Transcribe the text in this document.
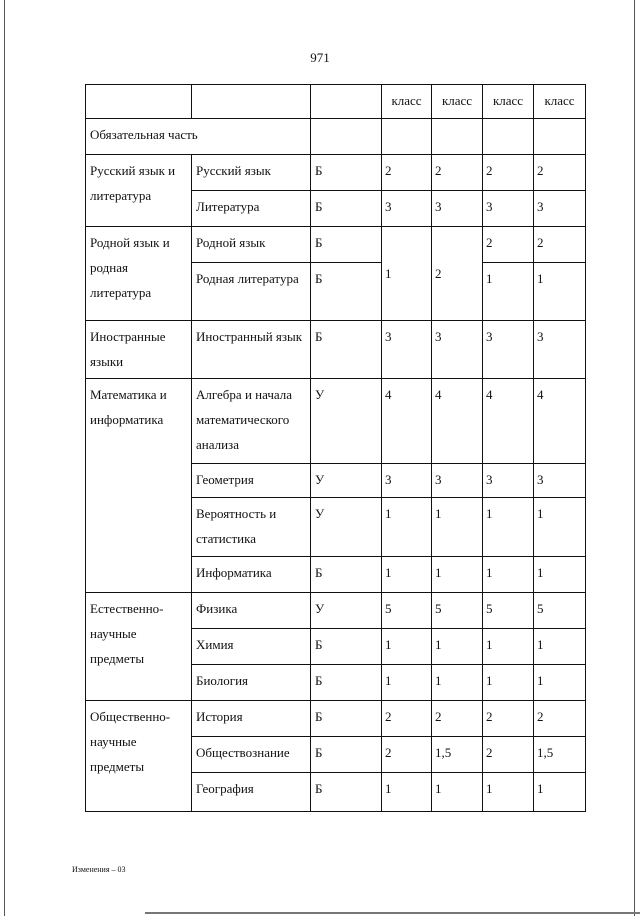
971
			класс	класс	класс	класс
Обязательная часть						
Русский язык и литература	Русский язык	Б	2	2	2	2
	Литература	Б	3	3	3	3
Родной язык и родная литература	Родной язык	Б	1	2	2	2
	Родная литература	Б			1	1
Иностранные языки	Иностранный язык	Б	3	3	3	3
Математика и информатика	Алгебра и начала математического анализа	У	4	4	4	4
	Геометрия	У	3	3	3	3
	Вероятность и статистика	У	1	1	1	1
	Информатика	Б	1	1	1	1
Естественно-научные предметы	Физика	У	5	5	5	5
	Химия	Б	1	1	1	1
	Биология	Б	1	1	1	1
Общественно-научные предметы	История	Б	2	2	2	2
	Обществознание	Б	2	1,5	2	1,5
	География	Б	1	1	1	1
Изменения – 03
